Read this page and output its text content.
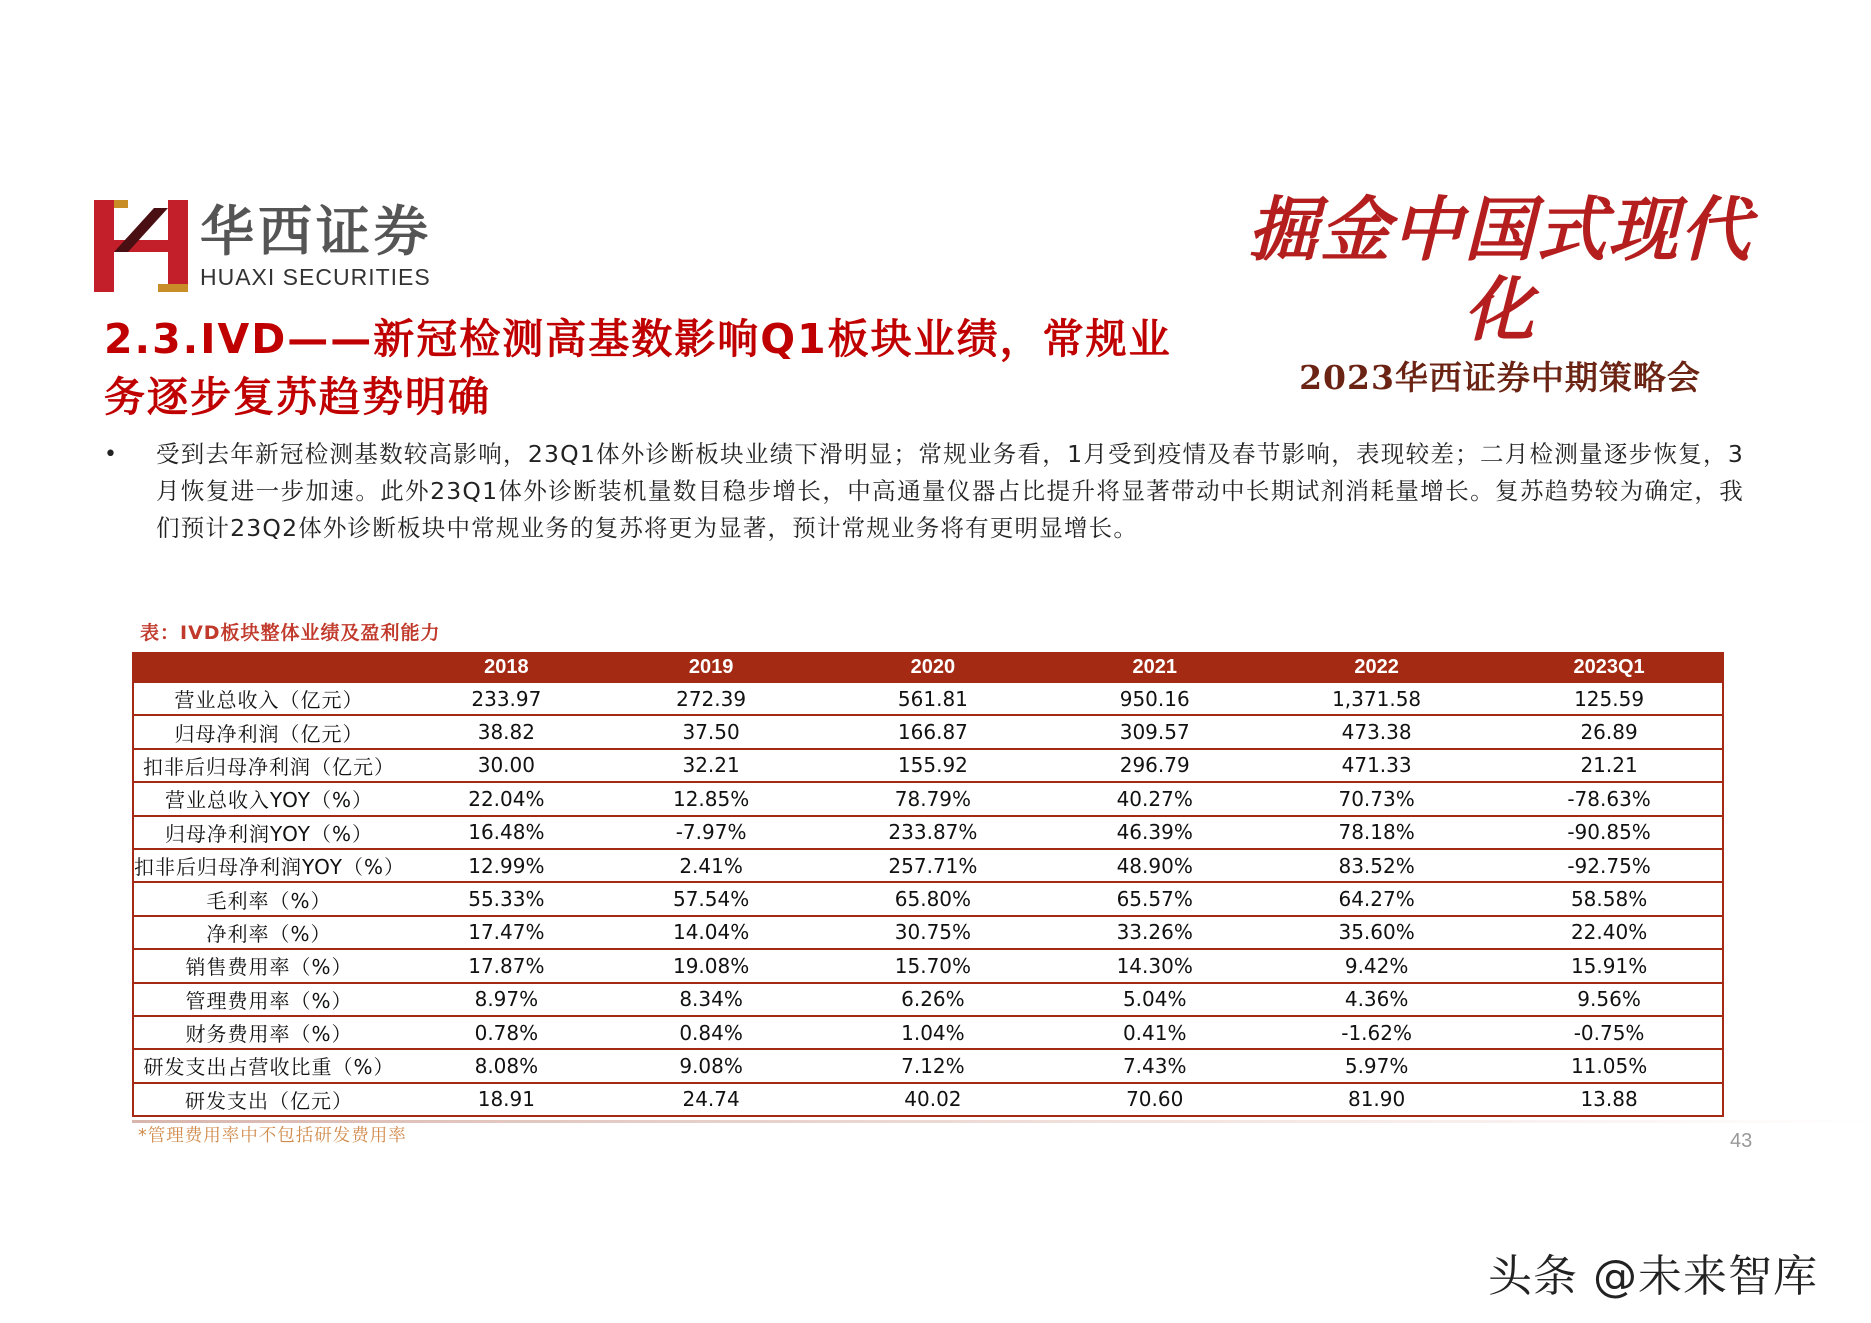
华西证券
HUAXI SECURITIES
掘金中国式现代化
2023华西证券中期策略会
2.3.IVD——新冠检测高基数影响Q1板块业绩，常规业务逐步复苏趋势明确
•	受到去年新冠检测基数较高影响，23Q1体外诊断板块业绩下滑明显；常规业务看，1月受到疫情及春节影响，表现较差；二月检测量逐步恢复，3月恢复进一步加速。此外23Q1体外诊断装机量数目稳步增长，中高通量仪器占比提升将显著带动中长期试剂消耗量增长。复苏趋势较为确定，我们预计23Q2体外诊断板块中常规业务的复苏将更为显著，预计常规业务将有更明显增长。
表：IVD板块整体业绩及盈利能力
	2018	2019	2020	2021	2022	2023Q1
营业总收入（亿元）	233.97	272.39	561.81	950.16	1,371.58	125.59
归母净利润（亿元）	38.82	37.50	166.87	309.57	473.38	26.89
扣非后归母净利润（亿元）	30.00	32.21	155.92	296.79	471.33	21.21
营业总收入YOY（%）	22.04%	12.85%	78.79%	40.27%	70.73%	-78.63%
归母净利润YOY（%）	16.48%	-7.97%	233.87%	46.39%	78.18%	-90.85%
扣非后归母净利润YOY（%）	12.99%	2.41%	257.71%	48.90%	83.52%	-92.75%
毛利率（%）	55.33%	57.54%	65.80%	65.57%	64.27%	58.58%
净利率（%）	17.47%	14.04%	30.75%	33.26%	35.60%	22.40%
销售费用率（%）	17.87%	19.08%	15.70%	14.30%	9.42%	15.91%
管理费用率（%）	8.97%	8.34%	6.26%	5.04%	4.36%	9.56%
财务费用率（%）	0.78%	0.84%	1.04%	0.41%	-1.62%	-0.75%
研发支出占营收比重（%）	8.08%	9.08%	7.12%	7.43%	5.97%	11.05%
研发支出（亿元）	18.91	24.74	40.02	70.60	81.90	13.88
*管理费用率中不包括研发费用率	43
头条 @未来智库
